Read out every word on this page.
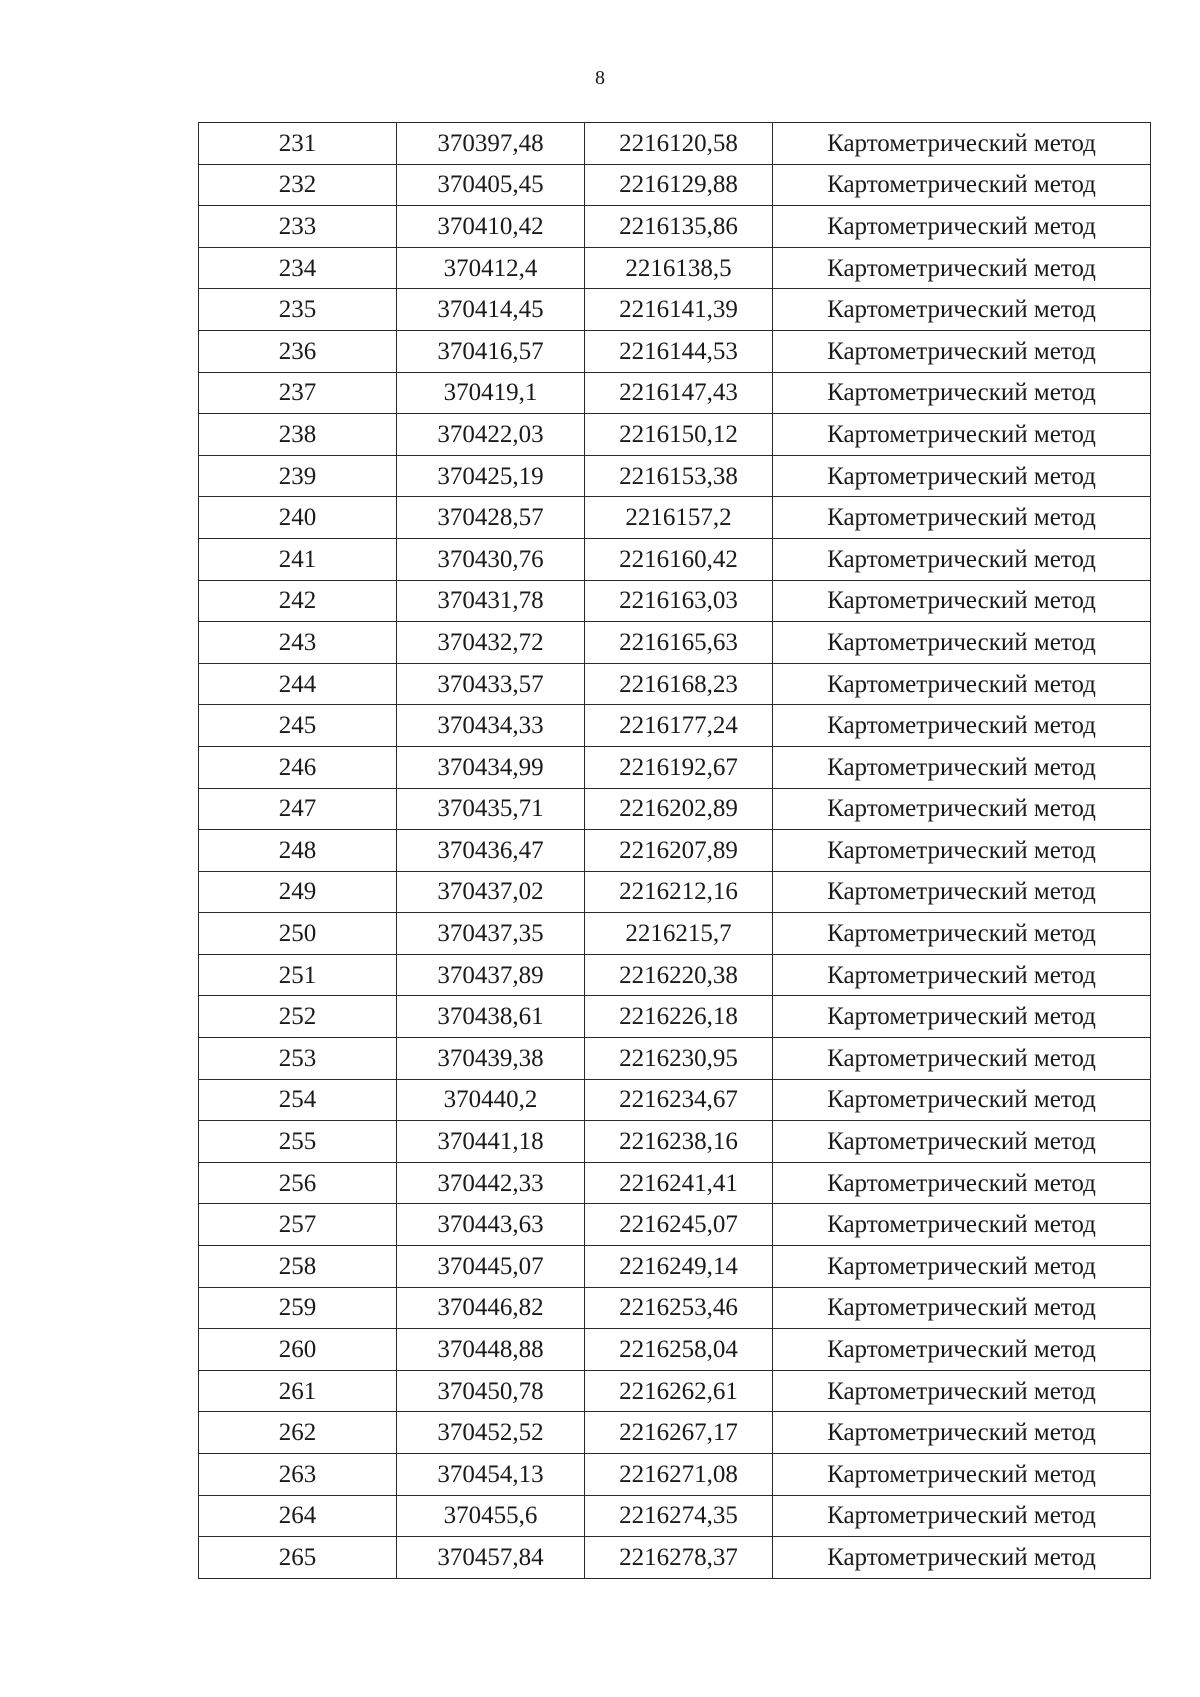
8
231	370397,48	2216120,58	Картометрический метод
232	370405,45	2216129,88	Картометрический метод
233	370410,42	2216135,86	Картометрический метод
234	370412,4	2216138,5	Картометрический метод
235	370414,45	2216141,39	Картометрический метод
236	370416,57	2216144,53	Картометрический метод
237	370419,1	2216147,43	Картометрический метод
238	370422,03	2216150,12	Картометрический метод
239	370425,19	2216153,38	Картометрический метод
240	370428,57	2216157,2	Картометрический метод
241	370430,76	2216160,42	Картометрический метод
242	370431,78	2216163,03	Картометрический метод
243	370432,72	2216165,63	Картометрический метод
244	370433,57	2216168,23	Картометрический метод
245	370434,33	2216177,24	Картометрический метод
246	370434,99	2216192,67	Картометрический метод
247	370435,71	2216202,89	Картометрический метод
248	370436,47	2216207,89	Картометрический метод
249	370437,02	2216212,16	Картометрический метод
250	370437,35	2216215,7	Картометрический метод
251	370437,89	2216220,38	Картометрический метод
252	370438,61	2216226,18	Картометрический метод
253	370439,38	2216230,95	Картометрический метод
254	370440,2	2216234,67	Картометрический метод
255	370441,18	2216238,16	Картометрический метод
256	370442,33	2216241,41	Картометрический метод
257	370443,63	2216245,07	Картометрический метод
258	370445,07	2216249,14	Картометрический метод
259	370446,82	2216253,46	Картометрический метод
260	370448,88	2216258,04	Картометрический метод
261	370450,78	2216262,61	Картометрический метод
262	370452,52	2216267,17	Картометрический метод
263	370454,13	2216271,08	Картометрический метод
264	370455,6	2216274,35	Картометрический метод
265	370457,84	2216278,37	Картометрический метод
